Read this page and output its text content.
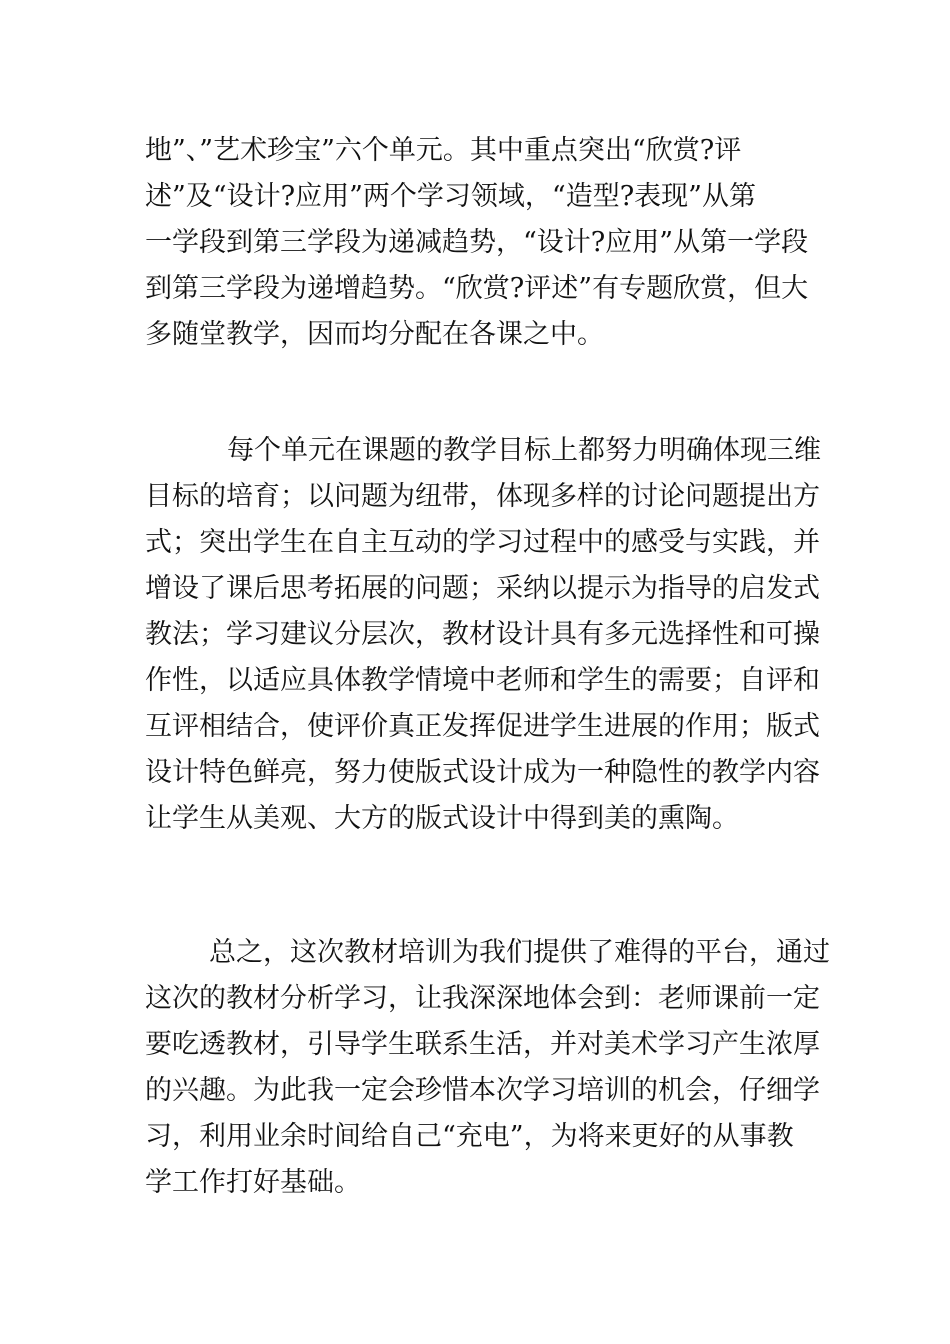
地”、”艺术珍宝”六个单元。其中重点突出“欣赏?评
述”及“设计?应用”两个学习领域，“造型?表现”从第
一学段到第三学段为递减趋势，“设计?应用”从第一学段
到第三学段为递增趋势。“欣赏?评述”有专题欣赏，但大
多随堂教学，因而均分配在各课之中。

每个单元在课题的教学目标上都努力明确体现三维
目标的培育；以问题为纽带，体现多样的讨论问题提出方
式；突出学生在自主互动的学习过程中的感受与实践，并
增设了课后思考拓展的问题；采纳以提示为指导的启发式
教法；学习建议分层次，教材设计具有多元选择性和可操
作性，以适应具体教学情境中老师和学生的需要；自评和
互评相结合，使评价真正发挥促进学生进展的作用；版式
设计特色鲜亮，努力使版式设计成为一种隐性的教学内容
让学生从美观、大方的版式设计中得到美的熏陶。

总之，这次教材培训为我们提供了难得的平台，通过
这次的教材分析学习，让我深深地体会到：老师课前一定
要吃透教材，引导学生联系生活，并对美术学习产生浓厚
的兴趣。为此我一定会珍惜本次学习培训的机会，仔细学
习，利用业余时间给自己“充电”，为将来更好的从事教
学工作打好基础。
